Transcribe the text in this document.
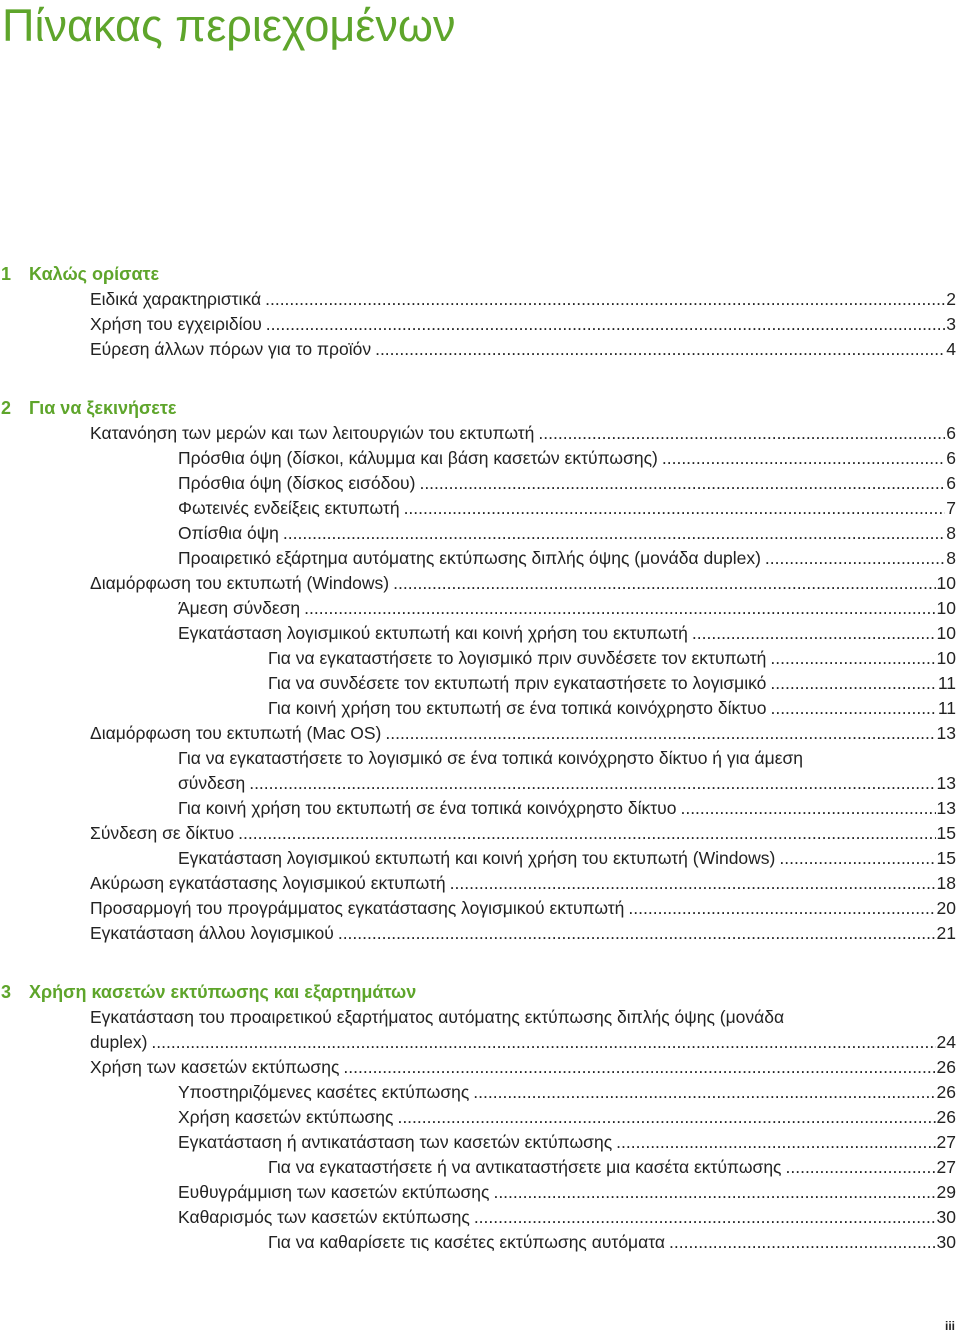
Πίνακας περιεχομένων
1 Καλώς ορίσατε
Ειδικά χαρακτηριστικά .....	2
Χρήση του εγχειριδίου .....	3
Εύρεση άλλων πόρων για το προϊόν .....	4
2 Για να ξεκινήσετε
Κατανόηση των μερών και των λειτουργιών του εκτυπωτή .....	6
Πρόσθια όψη (δίσκοι, κάλυμμα και βάση κασετών εκτύπωσης) .....	6
Πρόσθια όψη (δίσκος εισόδου) .....	6
Φωτεινές ενδείξεις εκτυπωτή .....	7
Οπίσθια όψη .....	8
Προαιρετικό εξάρτημα αυτόματης εκτύπωσης διπλής όψης (μονάδα duplex) .....	8
Διαμόρφωση του εκτυπωτή (Windows) .....	10
Άμεση σύνδεση .....	10
Εγκατάσταση λογισμικού εκτυπωτή και κοινή χρήση του εκτυπωτή .....	10
Για να εγκαταστήσετε το λογισμικό πριν συνδέσετε τον εκτυπωτή .....	10
Για να συνδέσετε τον εκτυπωτή πριν εγκαταστήσετε το λογισμικό .....	11
Για κοινή χρήση του εκτυπωτή σε ένα τοπικά κοινόχρηστο δίκτυο .....	11
Διαμόρφωση του εκτυπωτή (Mac OS) .....	13
Για να εγκαταστήσετε το λογισμικό σε ένα τοπικά κοινόχρηστο δίκτυο ή για άμεση
σύνδεση .....	13
Για κοινή χρήση του εκτυπωτή σε ένα τοπικά κοινόχρηστο δίκτυο .....	13
Σύνδεση σε δίκτυο .....	15
Εγκατάσταση λογισμικού εκτυπωτή και κοινή χρήση του εκτυπωτή (Windows) .....	15
Ακύρωση εγκατάστασης λογισμικού εκτυπωτή .....	18
Προσαρμογή του προγράμματος εγκατάστασης λογισμικού εκτυπωτή .....	20
Εγκατάσταση άλλου λογισμικού .....	21
3 Χρήση κασετών εκτύπωσης και εξαρτημάτων
Εγκατάσταση του προαιρετικού εξαρτήματος αυτόματης εκτύπωσης διπλής όψης (μονάδα
duplex) .....	24
Χρήση των κασετών εκτύπωσης .....	26
Υποστηριζόμενες κασέτες εκτύπωσης .....	26
Χρήση κασετών εκτύπωσης .....	26
Εγκατάσταση ή αντικατάσταση των κασετών εκτύπωσης .....	27
Για να εγκαταστήσετε ή να αντικαταστήσετε μια κασέτα εκτύπωσης .....	27
Ευθυγράμμιση των κασετών εκτύπωσης .....	29
Καθαρισμός των κασετών εκτύπωσης .....	30
Για να καθαρίσετε τις κασέτες εκτύπωσης αυτόματα .....	30
iii
